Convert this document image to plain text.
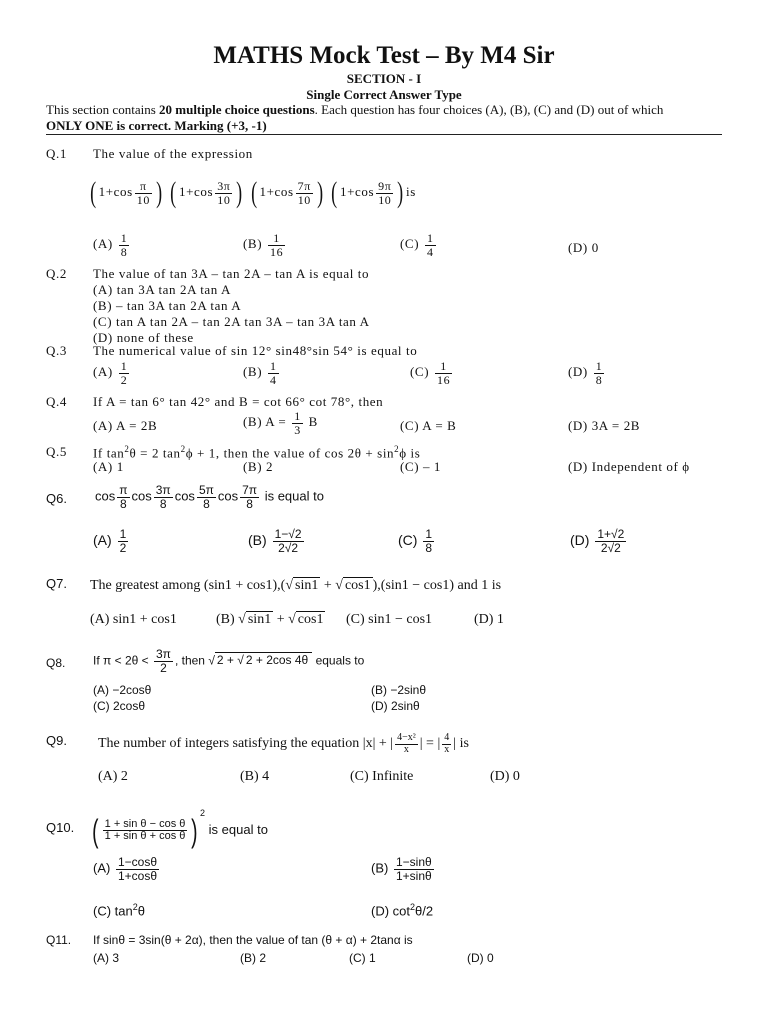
MATHS Mock Test – By M4 Sir
SECTION - I
Single Correct Answer Type
This section contains 20 multiple choice questions. Each question has four choices (A), (B), (C) and (D) out of which
ONLY ONE is correct. Marking (+3, -1)
Q.1 The value of the expression
( $1+\cos \frac{\pi}{10}$ ) ( $1+\cos \frac{3\pi}{10}$ ) ( $1+\cos \frac{7\pi}{10}$ ) ( $1+\cos \frac{9\pi}{10}$ ) is
$(A) \frac{1}{8}$	$(B) \frac{1}{16}$	$(C) \frac{1}{4}$	(D) 0
Q.2 The value of tan 3A – tan 2A – tan A is equal to
(A) tan 3A tan 2A tan A
(B) – tan 3A tan 2A tan A
(C) tan A tan 2A – tan 2A tan 3A – tan 3A tan A
(D) none of these
Q.3 The numerical value of sin 12° sin48°sin 54° is equal to
$(A) \frac{1}{2}$	$(B) \frac{1}{4}$	$(C) \frac{1}{16}$	$(D) \frac{1}{8}$
Q.4 If A = tan 6° tan 42° and B = cot 66° cot 78°, then
(A) A = 2B	(B) $A = \frac{1}{3}$ B	(C) A = B	(D) 3A = 2B
Q.5 If $\tan^2\theta = 2$ $\tan^2\phi + 1$, then the value of $\cos 2\theta + \sin^2\phi$ is
(A) 1	(B) 2	(C) – 1	(D) Independent of ϕ
Q6. $\cos \frac{\pi}{8}$ $\cos \frac{3\pi}{8}$ $\cos \frac{5\pi}{8}$ $\cos \frac{7\pi}{8}$ is equal to
$(A) \frac{1}{2}$	$(B) \frac{1-√2}{2√2}$	$(C) \frac{1}{8}$	$(D) \frac{1+√2}{2√2}$
Q7. The greatest among (sin1 + cos1),(√ sin1 + √ cos1 ),(sin1 − cos1) and 1 is
(A) sin1 + cos1	(B) √ sin1 + √ cos1 (C) sin1 − cos1	(D) 1
Q8. If $\pi < 2\theta < \frac{3\pi}{2}$ , then √ 2 + √ 2 + 2cos 4θ equals to
(A) −2cosθ	(B) −2sinθ
(C) 2cosθ	(D) 2sinθ
Q9. The number of integers satisfying the equation |x| + | $\frac{\text{4−x²}}{x}$ | = | $\frac{4}{x}$ | is
(A) 2	(B) 4	(C) Infinite	(D) 0
Q10. ( $\frac{\text{1 + sin θ − cos θ}}{\text{1 + sin θ + cos θ}}$ ) $^2$ is equal to
$(A) \frac{1-\cos\theta}{1+\cos\theta}$	$(B) \frac{1-\sin\theta}{1+\sin\theta}$
(C) $\tan^2\theta$	(D) $\cot^2\theta/2$
Q11. If sinθ = 3sin(θ + 2α), then the value of tan (θ + α) + 2tanα is
(A) 3	(B) 2	(C) 1	(D) 0
